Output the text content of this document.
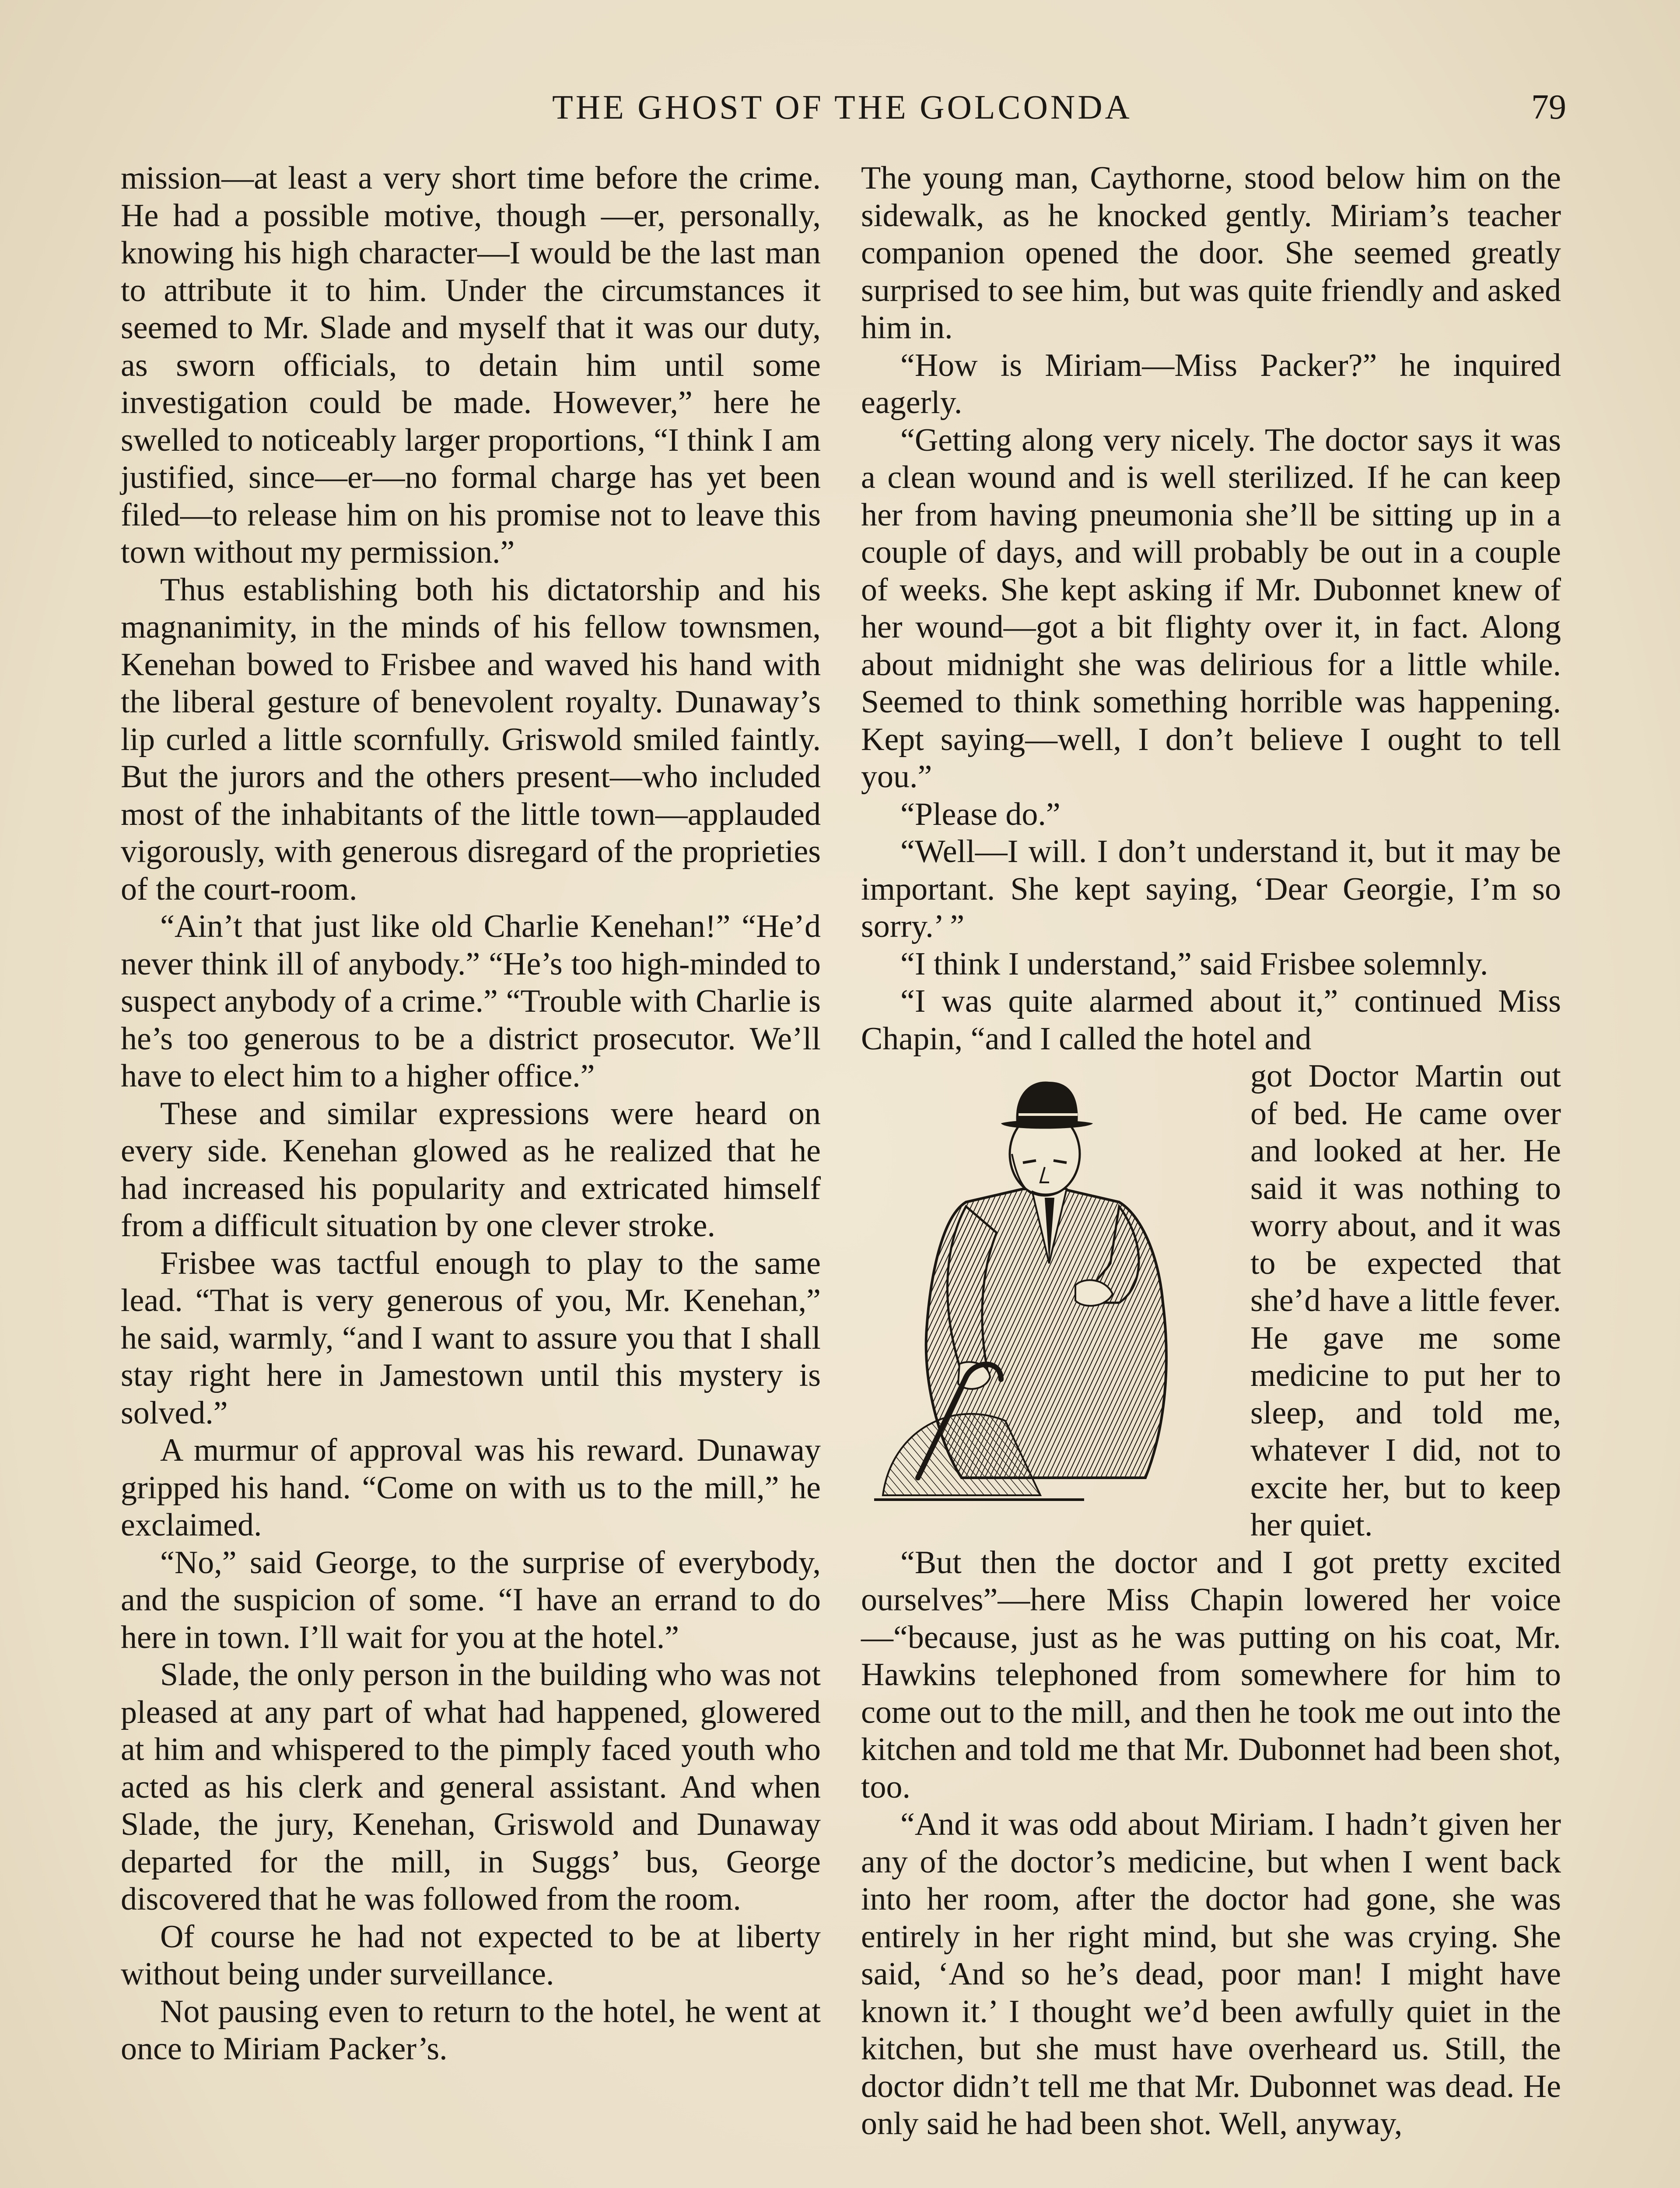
THE GHOST OF THE GOLCONDA	79

mission—at least a very short time before the crime. He had a possible motive, though —er, personally, knowing his high character—I would be the last man to attribute it to him. Under the circumstances it seemed to Mr. Slade and myself that it was our duty, as sworn officials, to detain him until some investigation could be made. However,” here he swelled to noticeably larger proportions, “I think I am justified, since—er—no formal charge has yet been filed—to release him on his promise not to leave this town without my permission.”

Thus establishing both his dictatorship and his magnanimity, in the minds of his fellow townsmen, Kenehan bowed to Frisbee and waved his hand with the liberal gesture of benevolent royalty. Dunaway’s lip curled a little scornfully. Griswold smiled faintly. But the jurors and the others present—who included most of the inhabitants of the little town—applauded vigorously, with generous disregard of the proprieties of the court-room.

“Ain’t that just like old Charlie Kenehan!” “He’d never think ill of anybody.” “He’s too high-minded to suspect anybody of a crime.” “Trouble with Charlie is he’s too generous to be a district prosecutor. We’ll have to elect him to a higher office.”

These and similar expressions were heard on every side. Kenehan glowed as he realized that he had increased his popularity and extricated himself from a difficult situation by one clever stroke.

Frisbee was tactful enough to play to the same lead. “That is very generous of you, Mr. Kenehan,” he said, warmly, “and I want to assure you that I shall stay right here in Jamestown until this mystery is solved.”

A murmur of approval was his reward. Dunaway gripped his hand. “Come on with us to the mill,” he exclaimed.

“No,” said George, to the surprise of everybody, and the suspicion of some. “I have an errand to do here in town. I’ll wait for you at the hotel.”

Slade, the only person in the building who was not pleased at any part of what had happened, glowered at him and whispered to the pimply faced youth who acted as his clerk and general assistant. And when Slade, the jury, Kenehan, Griswold and Dunaway departed for the mill, in Suggs’ bus, George discovered that he was followed from the room.

Of course he had not expected to be at liberty without being under surveillance.

Not pausing even to return to the hotel, he went at once to Miriam Packer’s.

The young man, Caythorne, stood below him on the sidewalk, as he knocked gently. Miriam’s teacher companion opened the door. She seemed greatly surprised to see him, but was quite friendly and asked him in.

“How is Miriam—Miss Packer?” he inquired eagerly.

“Getting along very nicely. The doctor says it was a clean wound and is well sterilized. If he can keep her from having pneumonia she’ll be sitting up in a couple of days, and will probably be out in a couple of weeks. She kept asking if Mr. Dubonnet knew of her wound—got a bit flighty over it, in fact. Along about midnight she was delirious for a little while. Seemed to think something horrible was happening. Kept saying—well, I don’t believe I ought to tell you.”

“Please do.”

“Well—I will. I don’t understand it, but it may be important. She kept saying, ‘Dear Georgie, I’m so sorry.’ ”

“I think I understand,” said Frisbee solemnly.

“I was quite alarmed about it,” continued Miss Chapin, “and I called the hotel and

got Doctor Martin out of bed. He came over and looked at her. He said it was nothing to worry about, and it was to be expected that she’d have a little fever. He gave me some medicine to put her to sleep, and told me, whatever I did, not to excite her, but to keep her quiet.

“But then the doctor and I got pretty excited ourselves”—here Miss Chapin lowered her voice—“because, just as he was putting on his coat, Mr. Hawkins telephoned from somewhere for him to come out to the mill, and then he took me out into the kitchen and told me that Mr. Dubonnet had been shot, too.

“And it was odd about Miriam. I hadn’t given her any of the doctor’s medicine, but when I went back into her room, after the doctor had gone, she was entirely in her right mind, but she was crying. She said, ‘And so he’s dead, poor man! I might have known it.’ I thought we’d been awfully quiet in the kitchen, but she must have overheard us. Still, the doctor didn’t tell me that Mr. Dubonnet was dead. He only said he had been shot. Well, anyway,
